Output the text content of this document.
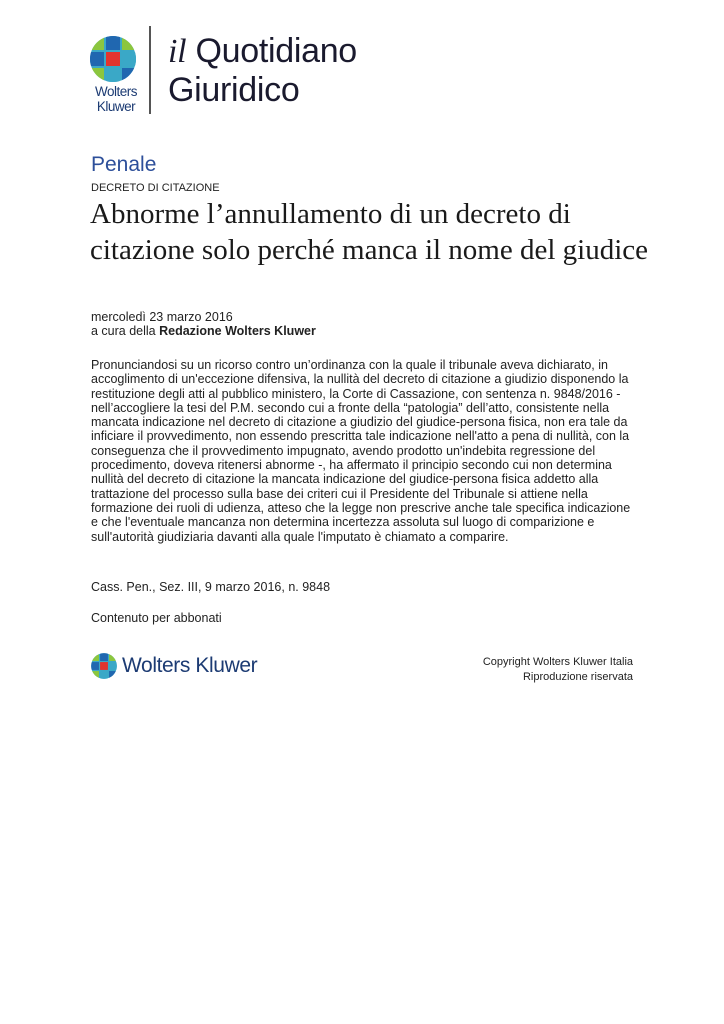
Wolters
Kluwer
il Quotidiano
Giuridico
Penale
DECRETO DI CITAZIONE
Abnorme l’annullamento di un decreto di citazione solo perché manca il nome del giudice
mercoledì 23 marzo 2016
a cura della Redazione Wolters Kluwer

Pronunciandosi su un ricorso contro un’ordinanza con la quale il tribunale aveva dichiarato, in accoglimento di un'eccezione difensiva, la nullità del decreto di citazione a giudizio disponendo la restituzione degli atti al pubblico ministero, la Corte di Cassazione, con sentenza n. 9848/2016 - nell’accogliere la tesi del P.M. secondo cui a fronte della “patologia” dell’atto, consistente nella mancata indicazione nel decreto di citazione a giudizio del giudice-persona fisica, non era tale da inficiare il provvedimento, non essendo prescritta tale indicazione nell'atto a pena di nullità, con la conseguenza che il provvedimento impugnato, avendo prodotto un'indebita regressione del procedimento, doveva ritenersi abnorme -, ha affermato il principio secondo cui non determina nullità del decreto di citazione la mancata indicazione del giudice-persona fisica addetto alla trattazione del processo sulla base dei criteri cui il Presidente del Tribunale si attiene nella formazione dei ruoli di udienza, atteso che la legge non prescrive anche tale specifica indicazione e che l'eventuale mancanza non determina incertezza assoluta sul luogo di comparizione e sull'autorità giudiziaria davanti alla quale l'imputato è chiamato a comparire.

Cass. Pen., Sez. III, 9 marzo 2016, n. 9848
Contenuto per abbonati
Wolters Kluwer	Copyright Wolters Kluwer Italia
Riproduzione riservata
